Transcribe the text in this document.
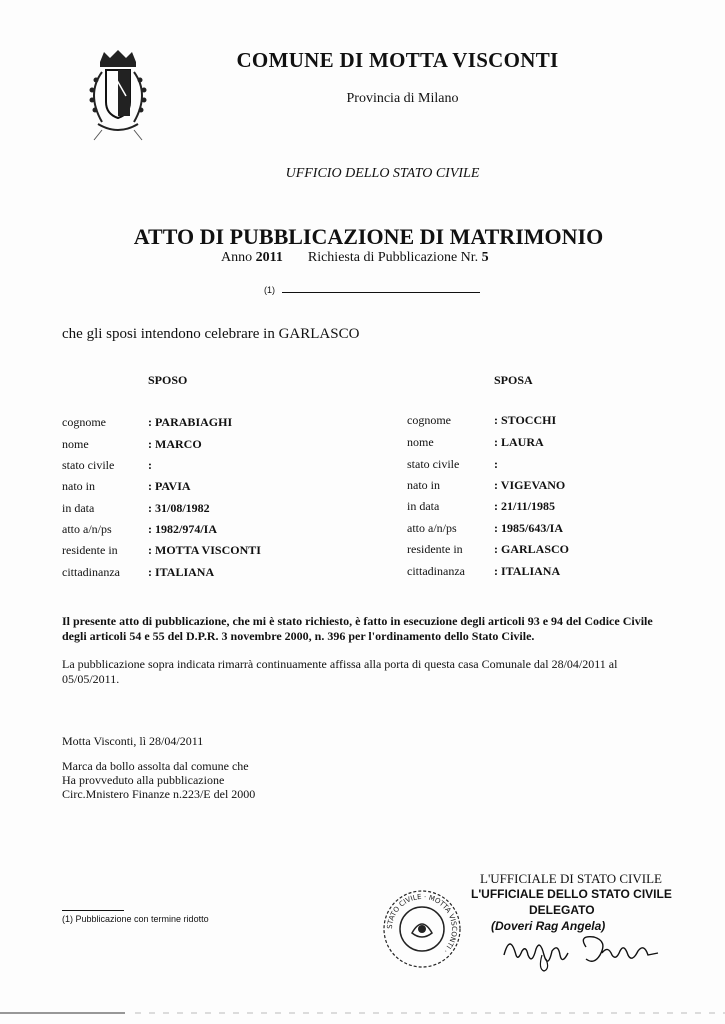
COMUNE DI MOTTA VISCONTI
Provincia di Milano
UFFICIO DELLO STATO CIVILE
ATTO DI PUBBLICAZIONE DI MATRIMONIO
Anno 2011 Richiesta di Pubblicazione Nr. 5
(1)
che gli sposi intendono celebrare in GARLASCO
SPOSO	SPOSA
cognome	: PARABIAGHI
nome	: MARCO
stato civile	:
nato in	: PAVIA
in data	: 31/08/1982
atto a/n/ps	: 1982/974/IA
residente in	: MOTTA VISCONTI
cittadinanza : ITALIANA
cognome	: STOCCHI
nome	: LAURA
stato civile	:
nato in	: VIGEVANO
in data	: 21/11/1985
atto a/n/ps	: 1985/643/IA
residente in	: GARLASCO
cittadinanza : ITALIANA
Il presente atto di pubblicazione, che mi è stato richiesto, è fatto in esecuzione degli articoli 93 e 94 del Codice Civile
degli articoli 54 e 55 del D.P.R. 3 novembre 2000, n. 396 per l'ordinamento dello Stato Civile.
La pubblicazione sopra indicata rimarrà continuamente affissa alla porta di questa casa Comunale dal 28/04/2011 al
05/05/2011.
Motta Visconti, lì 28/04/2011
Marca da bollo assolta dal comune che
Ha provveduto alla pubblicazione
Circ.Mnistero Finanze n.223/E del 2000
L'UFFICIALE DI STATO CIVILE
L'UFFICIALE DELLO STATO CIVILE
DELEGATO
(Doveri Rag Angela)
STATO CIVILE · MOTTA VISCONTI ·
(1) Pubblicazione con termine ridotto
